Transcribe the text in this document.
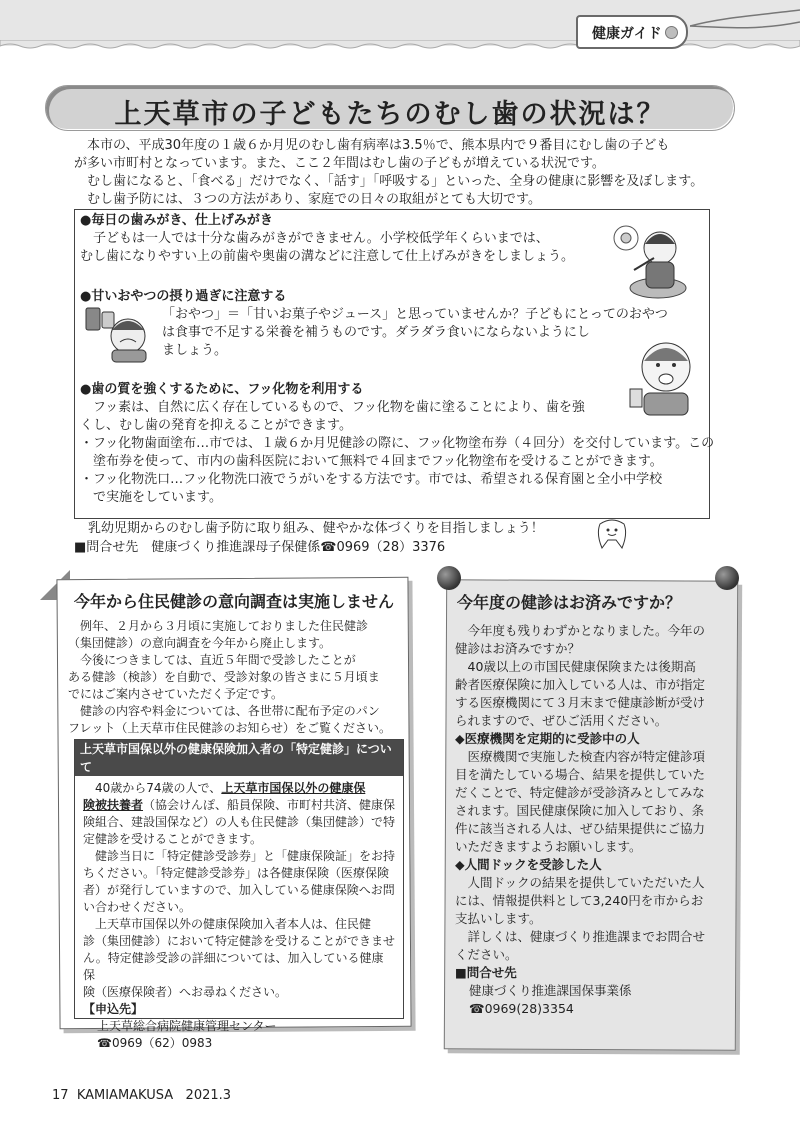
健康ガイド
上天草市の子どもたちのむし歯の状況は？
本市の、平成30年度の１歳６か月児のむし歯有病率は3.5％で、熊本県内で９番目にむし歯の子ども
が多い市町村となっています。また、ここ２年間はむし歯の子どもが増えている状況です。
むし歯になると、「食べる」だけでなく、「話す」「呼吸する」といった、全身の健康に影響を及ぼします。
むし歯予防には、３つの方法があり、家庭での日々の取組がとても大切です。
●毎日の歯みがき、仕上げみがき
子どもは一人では十分な歯みがきができません。小学校低学年くらいまでは、
むし歯になりやすい上の前歯や奥歯の溝などに注意して仕上げみがきをしましょう。
●甘いおやつの摂り過ぎに注意する
「おやつ」＝「甘いお菓子やジュース」と思っていませんか？子どもにとってのおやつ
は食事で不足する栄養を補うものです。ダラダラ食いにならないようにし
ましょう。
●歯の質を強くするために、フッ化物を利用する
フッ素は、自然に広く存在しているもので、フッ化物を歯に塗ることにより、歯を強
くし、むし歯の発育を抑えることができます。
・フッ化物歯面塗布…市では、１歳６か月児健診の際に、フッ化物塗布券（４回分）を交付しています。この
　塗布券を使って、市内の歯科医院において無料で４回までフッ化物塗布を受けることができます。
・フッ化物洗口…フッ化物洗口液でうがいをする方法です。市では、希望される保育園と全小中学校
　で実施をしています。
乳幼児期からのむし歯予防に取り組み、健やかな体づくりを目指しましょう！
■問合せ先　健康づくり推進課母子保健係☎0969（28）3376
今年から住民健診の意向調査は実施しません
　例年、２月から３月頃に実施しておりました住民健診
（集団健診）の意向調査を今年から廃止します。
　今後につきましては、直近５年間で受診したことが
ある健診（検診）を自動で、受診対象の皆さまに５月頃ま
でにはご案内させていただく予定です。
　健診の内容や料金については、各世帯に配布予定のパン
フレット（上天草市住民健診のお知らせ）をご覧ください。
上天草市国保以外の健康保険加入者の「特定健診」について
　40歳から74歳の人で、上天草市国保以外の健康保
険被扶養者（協会けんぽ、船員保険、市町村共済、健康保
険組合、建設国保など）の人も住民健診（集団健診）で特
定健診を受けることができます。
　健診当日に「特定健診受診券」と「健康保険証」をお持
ちください。「特定健診受診券」は各健康保険（医療保険
者）が発行していますので、加入している健康保険へお問
い合わせください。
　上天草市国保以外の健康保険加入者本人は、住民健
診（集団健診）において特定健診を受けることができませ
ん。特定健診受診の詳細については、加入している健康保
険（医療保険者）へお尋ねください。
【申込先】
上天草総合病院健康管理センター
☎0969（62）0983
今年度の健診はお済みですか？
　今年度も残りわずかとなりました。今年の
健診はお済みですか？
　40歳以上の市国民健康保険または後期高
齢者医療保険に加入している人は、市が指定
する医療機関にて３月末まで健康診断が受け
られますので、ぜひご活用ください。
◆医療機関を定期的に受診中の人
　医療機関で実施した検査内容が特定健診項
目を満たしている場合、結果を提供していた
だくことで、特定健診が受診済みとしてみな
されます。国民健康保険に加入しており、条
件に該当される人は、ぜひ結果提供にご協力
いただきますようお願いします。
◆人間ドックを受診した人
　人間ドックの結果を提供していただいた人
には、情報提供料として3,240円を市からお
支払いします。
　詳しくは、健康づくり推進課までお問合せ
ください。
■問合せ先
健康づくり推進課国保事業係
☎0969(28)3354
17 KAMIAMAKUSA 2021.3
